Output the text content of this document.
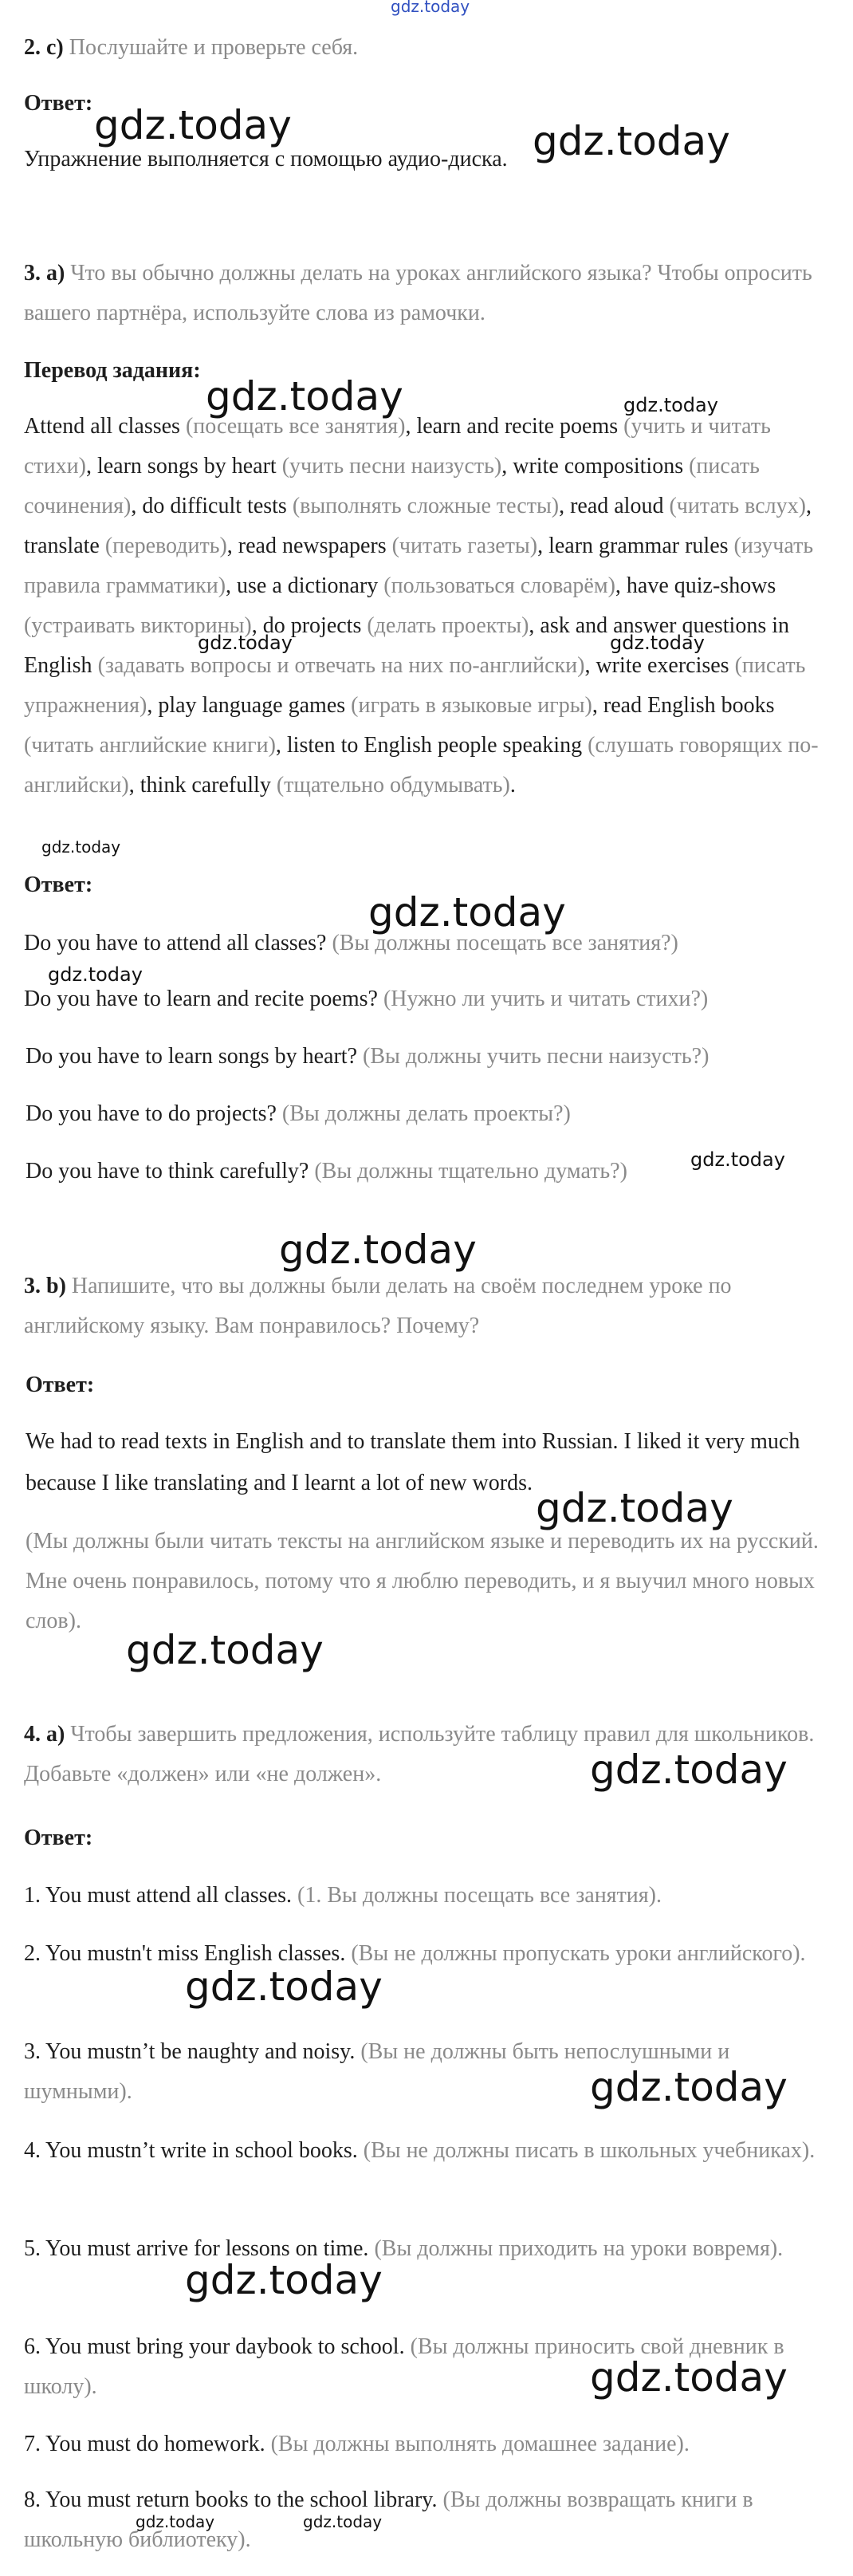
2. c) Послушайте и проверьте себя.

Ответ:

Упражнение выполняется с помощью аудио-диска.

3. a) Что вы обычно должны делать на уроках английского языка? Чтобы опросить вашего партнёра, используйте слова из рамочки.

Перевод задания:

Attend all classes (посещать все занятия), learn and recite poems (учить и читать стихи), learn songs by heart (учить песни наизусть), write compositions (писать сочинения), do difficult tests (выполнять сложные тесты), read aloud (читать вслух), translate (переводить), read newspapers (читать газеты), learn grammar rules (изучать правила грамматики), use a dictionary (пользоваться словарём), have quiz-shows (устраивать викторины), do projects (делать проекты), ask and answer questions in English (задавать вопросы и отвечать на них по-английски), write exercises (писать упражнения), play language games (играть в языковые игры), read English books (читать английские книги), listen to English people speaking (слушать говорящих по-английски), think carefully (тщательно обдумывать).

Ответ:

Do you have to attend all classes? (Вы должны посещать все занятия?)

Do you have to learn and recite poems? (Нужно ли учить и читать стихи?)

Do you have to learn songs by heart? (Вы должны учить песни наизусть?)

Do you have to do projects? (Вы должны делать проекты?)

Do you have to think carefully? (Вы должны тщательно думать?)

3. b) Напишите, что вы должны были делать на своём последнем уроке по английскому языку. Вам понравилось? Почему?

Ответ:

We had to read texts in English and to translate them into Russian. I liked it very much because I like translating and I learnt a lot of new words.

(Мы должны были читать тексты на английском языке и переводить их на русский. Мне очень понравилось, потому что я люблю переводить, и я выучил много новых слов).

4. a) Чтобы завершить предложения, используйте таблицу правил для школьников. Добавьте «должен» или «не должен».

Ответ:

1. You must attend all classes. (1. Вы должны посещать все занятия).

2. You mustn't miss English classes. (Вы не должны пропускать уроки английского).

3. You mustn’t be naughty and noisy. (Вы не должны быть непослушными и шумными).

4. You mustn’t write in school books. (Вы не должны писать в школьных учебниках).

5. You must arrive for lessons on time. (Вы должны приходить на уроки вовремя).

6. You must bring your daybook to school. (Вы должны приносить свой дневник в школу).

7. You must do homework. (Вы должны выполнять домашнее задание).

8. You must return books to the school library. (Вы должны возвращать книги в школьную библиотеку).

gdz.today
gdz.today	gdz.today
gdz.today	gdz.today
gdz.today	gdz.today
gdz.today
gdz.today
gdz.today
gdz.today
gdz.today
gdz.today
gdz.today
gdz.today
gdz.today
gdz.today
gdz.today
gdz.today
gdz.today	gdz.today
